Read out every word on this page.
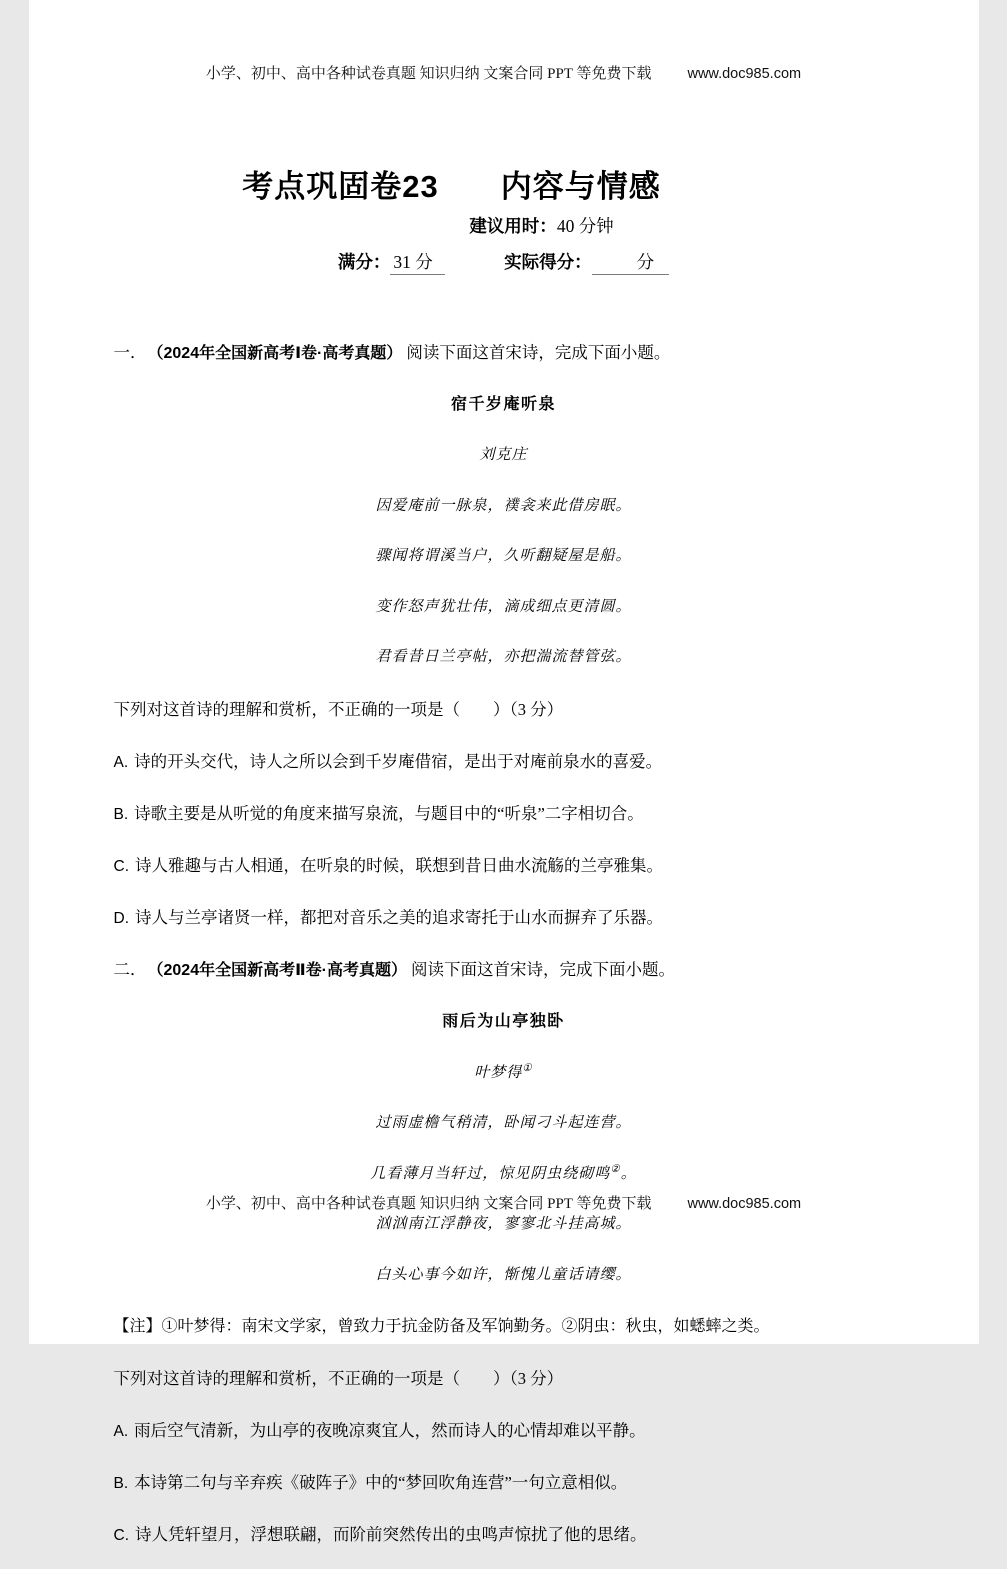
小学、初中、高中各种试卷真题 知识归纳 文案合同 PPT 等免费下载 www.doc985.com
考点巩固卷23 内容与情感
建议用时：40 分钟
满分： 31 分	实际得分：	分

一． （2024年全国新高考Ⅰ卷·高考真题） 阅读下面这首宋诗，完成下面小题。

宿千岁庵听泉

刘克庄

因爱庵前一脉泉，襆衾来此借房眠。

骤闻将谓溪当户，久听翻疑屋是船。

变作怒声犹壮伟，滴成细点更清圆。

君看昔日兰亭帖，亦把湍流替管弦。

下列对这首诗的理解和赏析，不正确的一项是（　　）（3 分）

A. 诗的开头交代，诗人之所以会到千岁庵借宿，是出于对庵前泉水的喜爱。

B. 诗歌主要是从听觉的角度来描写泉流，与题目中的“听泉”二字相切合。

C. 诗人雅趣与古人相通，在听泉的时候，联想到昔日曲水流觞的兰亭雅集。

D. 诗人与兰亭诸贤一样，都把对音乐之美的追求寄托于山水而摒弃了乐器。

二． （2024年全国新高考Ⅱ卷·高考真题） 阅读下面这首宋诗，完成下面小题。

雨后为山亭独卧

叶梦得①

过雨虚檐气稍清，卧闻刁斗起连营。

几看薄月当轩过，惊见阴虫绕砌鸣②。

汹汹南江浮静夜，寥寥北斗挂高城。

白头心事今如许，惭愧儿童话请缨。

【注】①叶梦得：南宋文学家，曾致力于抗金防备及军饷勤务。②阴虫：秋虫，如蟋蟀之类。

下列对这首诗的理解和赏析，不正确的一项是（　　）（3 分）

A. 雨后空气清新，为山亭的夜晚凉爽宜人，然而诗人的心情却难以平静。

B. 本诗第二句与辛弃疾《破阵子》中的“梦回吹角连营”一句立意相似。

C. 诗人凭轩望月，浮想联翩，而阶前突然传出的虫鸣声惊扰了他的思绪。

小学、初中、高中各种试卷真题 知识归纳 文案合同 PPT 等免费下载 www.doc985.com
